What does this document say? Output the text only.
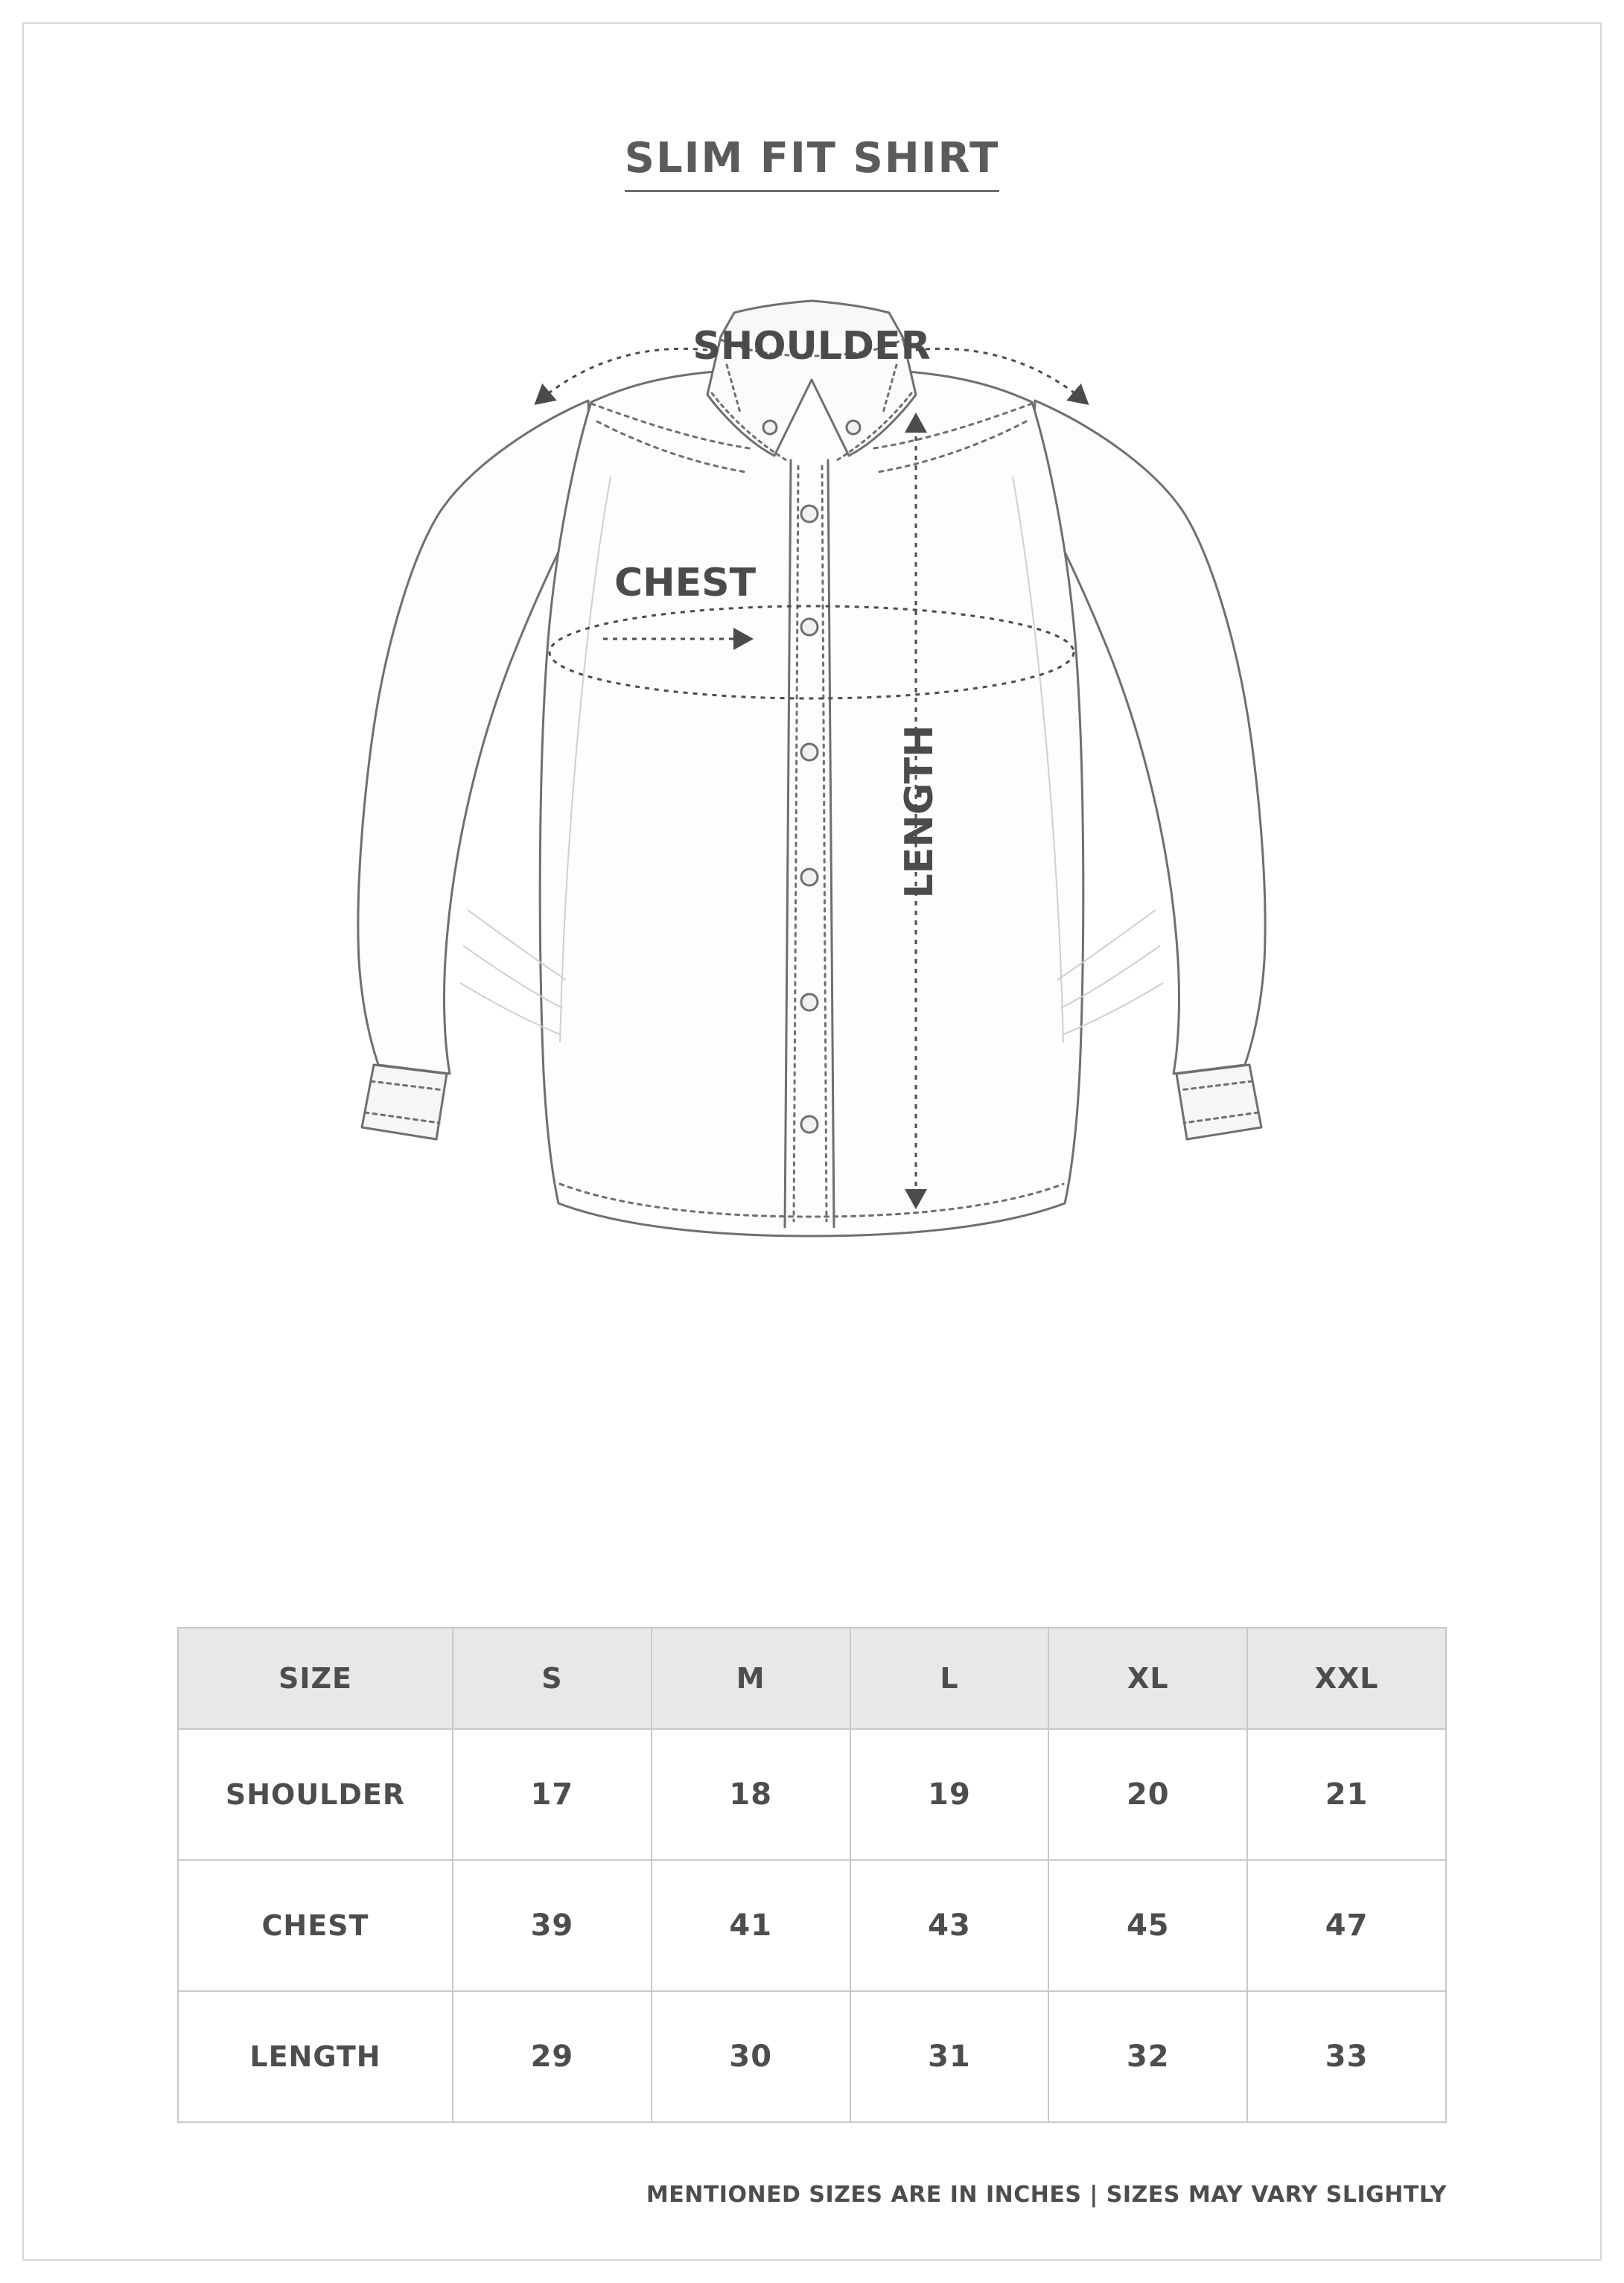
SLIM FIT SHIRT
SHOULDER
CHEST
LENGTH
SIZE	S	M	L	XL	XXL
SHOULDER	17	18	19	20	21
CHEST	39	41	43	45	47
LENGTH	29	30	31	32	33
MENTIONED SIZES ARE IN INCHES | SIZES MAY VARY SLIGHTLY
